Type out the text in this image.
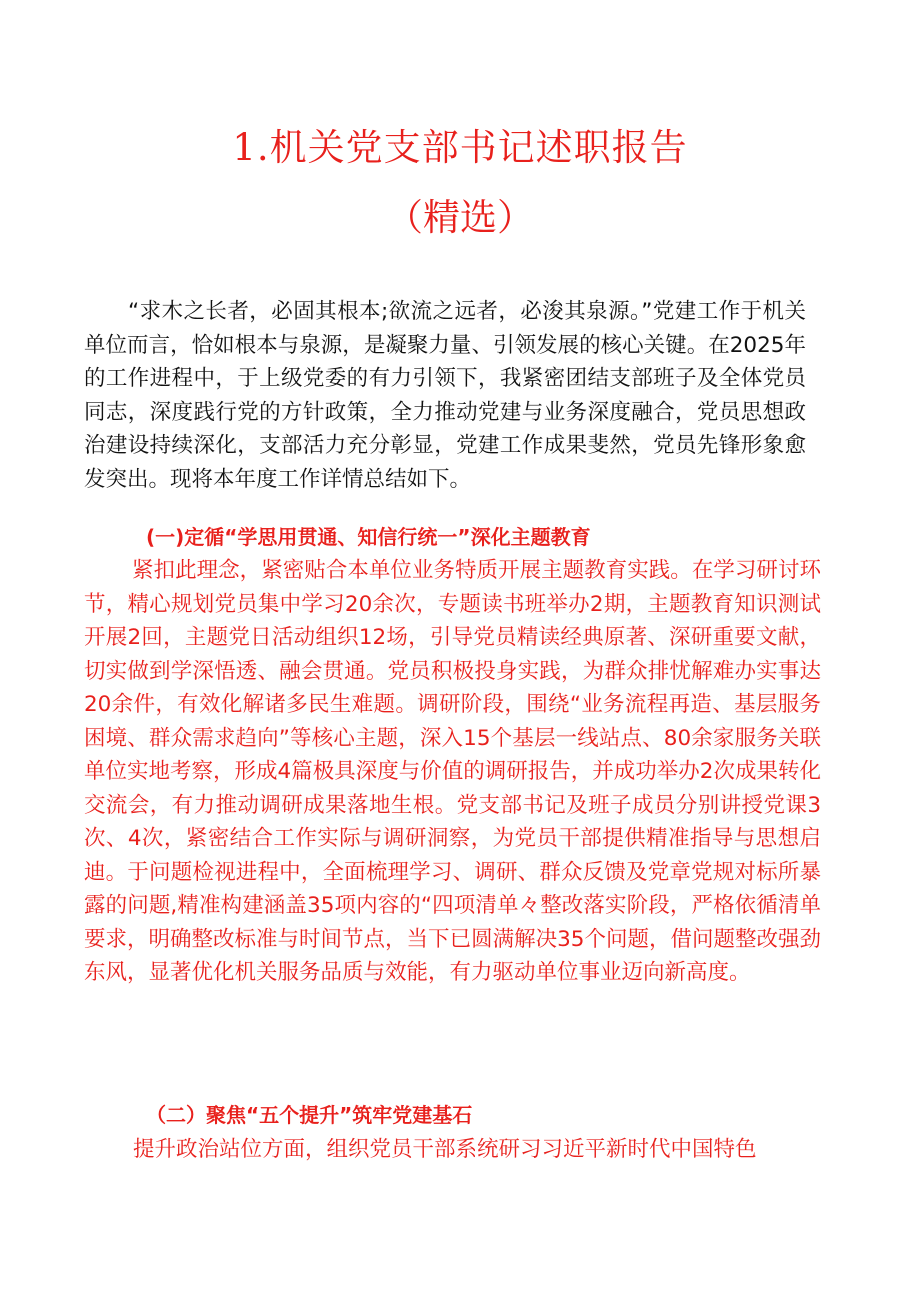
1.机关党支部书记述职报告
（精选）

“求木之长者，必固其根本;欲流之远者，必浚其泉源。”党建工作于机关单位而言，恰如根本与泉源，是凝聚力量、引领发展的核心关键。在2025年的工作进程中，于上级党委的有力引领下，我紧密团结支部班子及全体党员同志，深度践行党的方针政策，全力推动党建与业务深度融合，党员思想政治建设持续深化，支部活力充分彰显，党建工作成果斐然，党员先锋形象愈发突出。现将本年度工作详情总结如下。

(一)定循“学思用贯通、知信行统一”深化主题教育

紧扣此理念，紧密贴合本单位业务特质开展主题教育实践。在学习研讨环节，精心规划党员集中学习20余次，专题读书班举办2期，主题教育知识测试开展2回，主题党日活动组织12场，引导党员精读经典原著、深研重要文献，切实做到学深悟透、融会贯通。党员积极投身实践，为群众排忧解难办实事达20余件，有效化解诸多民生难题。调研阶段，围绕“业务流程再造、基层服务困境、群众需求趋向”等核心主题，深入15个基层一线站点、80余家服务关联单位实地考察，形成4篇极具深度与价值的调研报告，并成功举办2次成果转化交流会，有力推动调研成果落地生根。党支部书记及班子成员分别讲授党课3次、4次，紧密结合工作实际与调研洞察，为党员干部提供精准指导与思想启迪。于问题检视进程中，全面梳理学习、调研、群众反馈及党章党规对标所暴露的问题,精准构建涵盖35项内容的“四项清单々整改落实阶段，严格依循清单要求，明确整改标准与时间节点，当下已圆满解决35个问题，借问题整改强劲东风，显著优化机关服务品质与效能，有力驱动单位事业迈向新高度。

（二）聚焦“五个提升”筑牢党建基石

提升政治站位方面，组织党员干部系统研习习近平新时代中国特色
